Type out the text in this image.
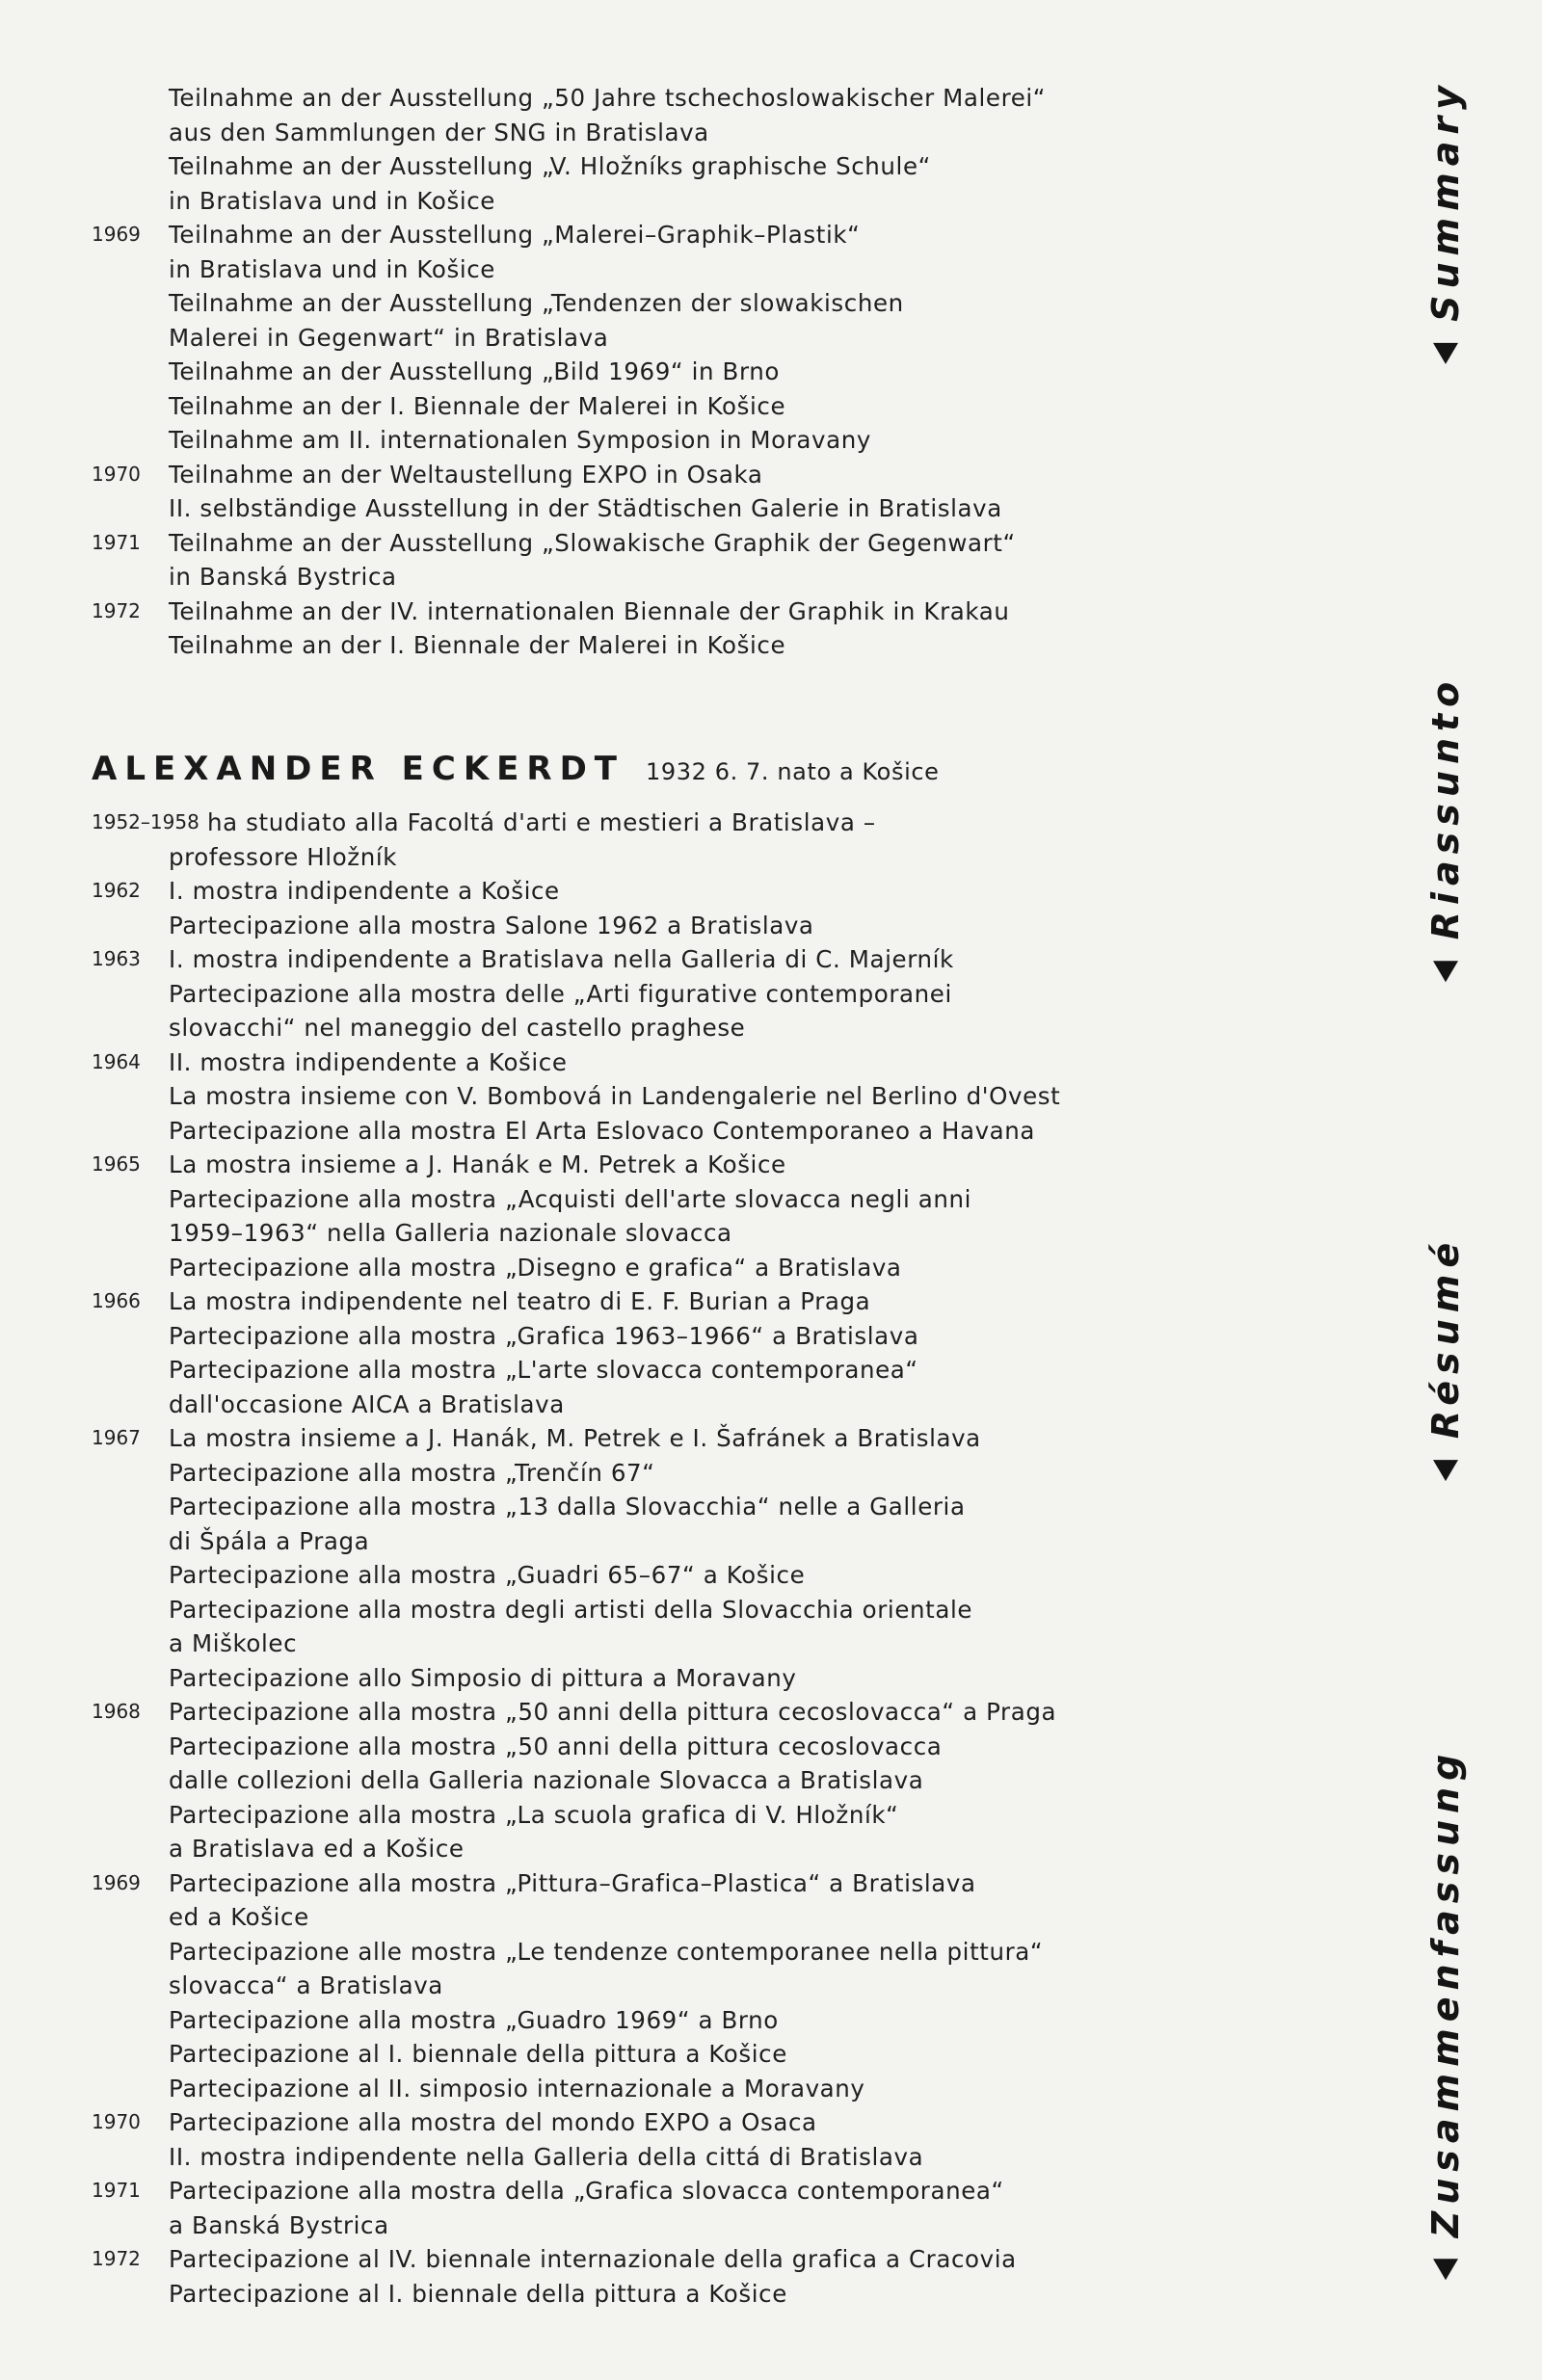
Teilnahme an der Ausstellung „50 Jahre tschechoslowakischer Malerei“
aus den Sammlungen der SNG in Bratislava
Teilnahme an der Ausstellung „V. Hložníks graphische Schule“
in Bratislava und in Košice
1969	Teilnahme an der Ausstellung „Malerei–Graphik–Plastik“
in Bratislava und in Košice
Teilnahme an der Ausstellung „Tendenzen der slowakischen
Malerei in Gegenwart“ in Bratislava
Teilnahme an der Ausstellung „Bild 1969“ in Brno
Teilnahme an der I. Biennale der Malerei in Košice
Teilnahme am II. internationalen Symposion in Moravany
1970	Teilnahme an der Weltaustellung EXPO in Osaka
II. selbständige Ausstellung in der Städtischen Galerie in Bratislava
1971	Teilnahme an der Ausstellung „Slowakische Graphik der Gegenwart“
in Banská Bystrica
1972	Teilnahme an der IV. internationalen Biennale der Graphik in Krakau
Teilnahme an der I. Biennale der Malerei in Košice
ALEXANDER ECKERDT 1932 6. 7. nato a Košice
1952–1958 ha studiato alla Facoltá d'arti e mestieri a Bratislava –
professore Hložník
1962	I. mostra indipendente a Košice
Partecipazione alla mostra Salone 1962 a Bratislava
1963	I. mostra indipendente a Bratislava nella Galleria di C. Majerník
Partecipazione alla mostra delle „Arti figurative contemporanei
slovacchi“ nel maneggio del castello praghese
1964	II. mostra indipendente a Košice
La mostra insieme con V. Bombová in Landengalerie nel Berlino d'Ovest
Partecipazione alla mostra El Arta Eslovaco Contemporaneo a Havana
1965	La mostra insieme a J. Hanák e M. Petrek a Košice
Partecipazione alla mostra „Acquisti dell'arte slovacca negli anni
1959–1963“ nella Galleria nazionale slovacca
Partecipazione alla mostra „Disegno e grafica“ a Bratislava
1966	La mostra indipendente nel teatro di E. F. Burian a Praga
Partecipazione alla mostra „Grafica 1963–1966“ a Bratislava
Partecipazione alla mostra „L'arte slovacca contemporanea“
dall'occasione AICA a Bratislava
1967	La mostra insieme a J. Hanák, M. Petrek e I. Šafránek a Bratislava
Partecipazione alla mostra „Trenčín 67“
Partecipazione alla mostra „13 dalla Slovacchia“ nelle a Galleria
di Špála a Praga
Partecipazione alla mostra „Guadri 65–67“ a Košice
Partecipazione alla mostra degli artisti della Slovacchia orientale
a Miškolec
Partecipazione allo Simposio di pittura a Moravany
1968	Partecipazione alla mostra „50 anni della pittura cecoslovacca“ a Praga
Partecipazione alla mostra „50 anni della pittura cecoslovacca
dalle collezioni della Galleria nazionale Slovacca a Bratislava
Partecipazione alla mostra „La scuola grafica di V. Hložník“
a Bratislava ed a Košice
1969	Partecipazione alla mostra „Pittura–Grafica–Plastica“ a Bratislava
ed a Košice
Partecipazione alle mostra „Le tendenze contemporanee nella pittura“
slovacca“ a Bratislava
Partecipazione alla mostra „Guadro 1969“ a Brno
Partecipazione al I. biennale della pittura a Košice
Partecipazione al II. simposio internazionale a Moravany
1970	Partecipazione alla mostra del mondo EXPO a Osaca
II. mostra indipendente nella Galleria della cittá di Bratislava
1971	Partecipazione alla mostra della „Grafica slovacca contemporanea“
a Banská Bystrica
1972	Partecipazione al IV. biennale internazionale della grafica a Cracovia
Partecipazione al I. biennale della pittura a Košice
Summary
Riassunto
Résumé
Zusammenfassung
